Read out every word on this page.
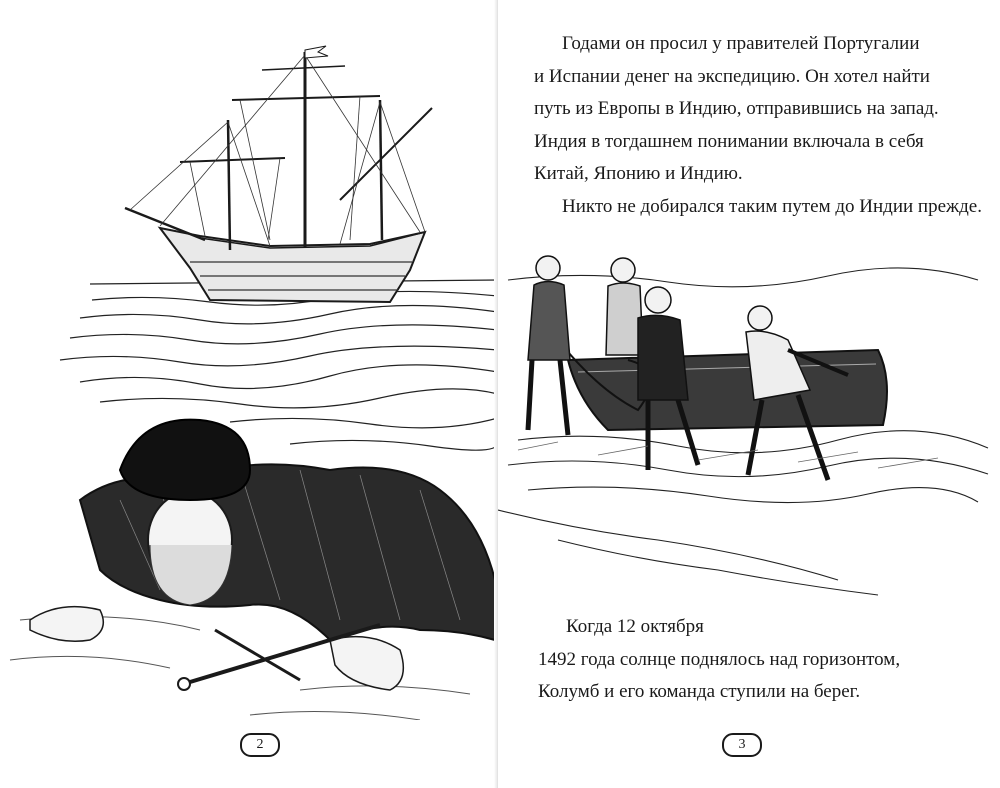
2

Годами он просил у правителей Португалии

и Испании денег на экспедицию. Он хотел найти

путь из Европы в Индию, отправившись на запад.

Индия в тогдашнем понимании включала в себя

Китай, Японию и Индию.

Никто не добирался таким путем до Индии прежде.

Когда 12 октября

1492 года солнце поднялось над горизонтом,

Колумб и его команда ступили на берег.

3
